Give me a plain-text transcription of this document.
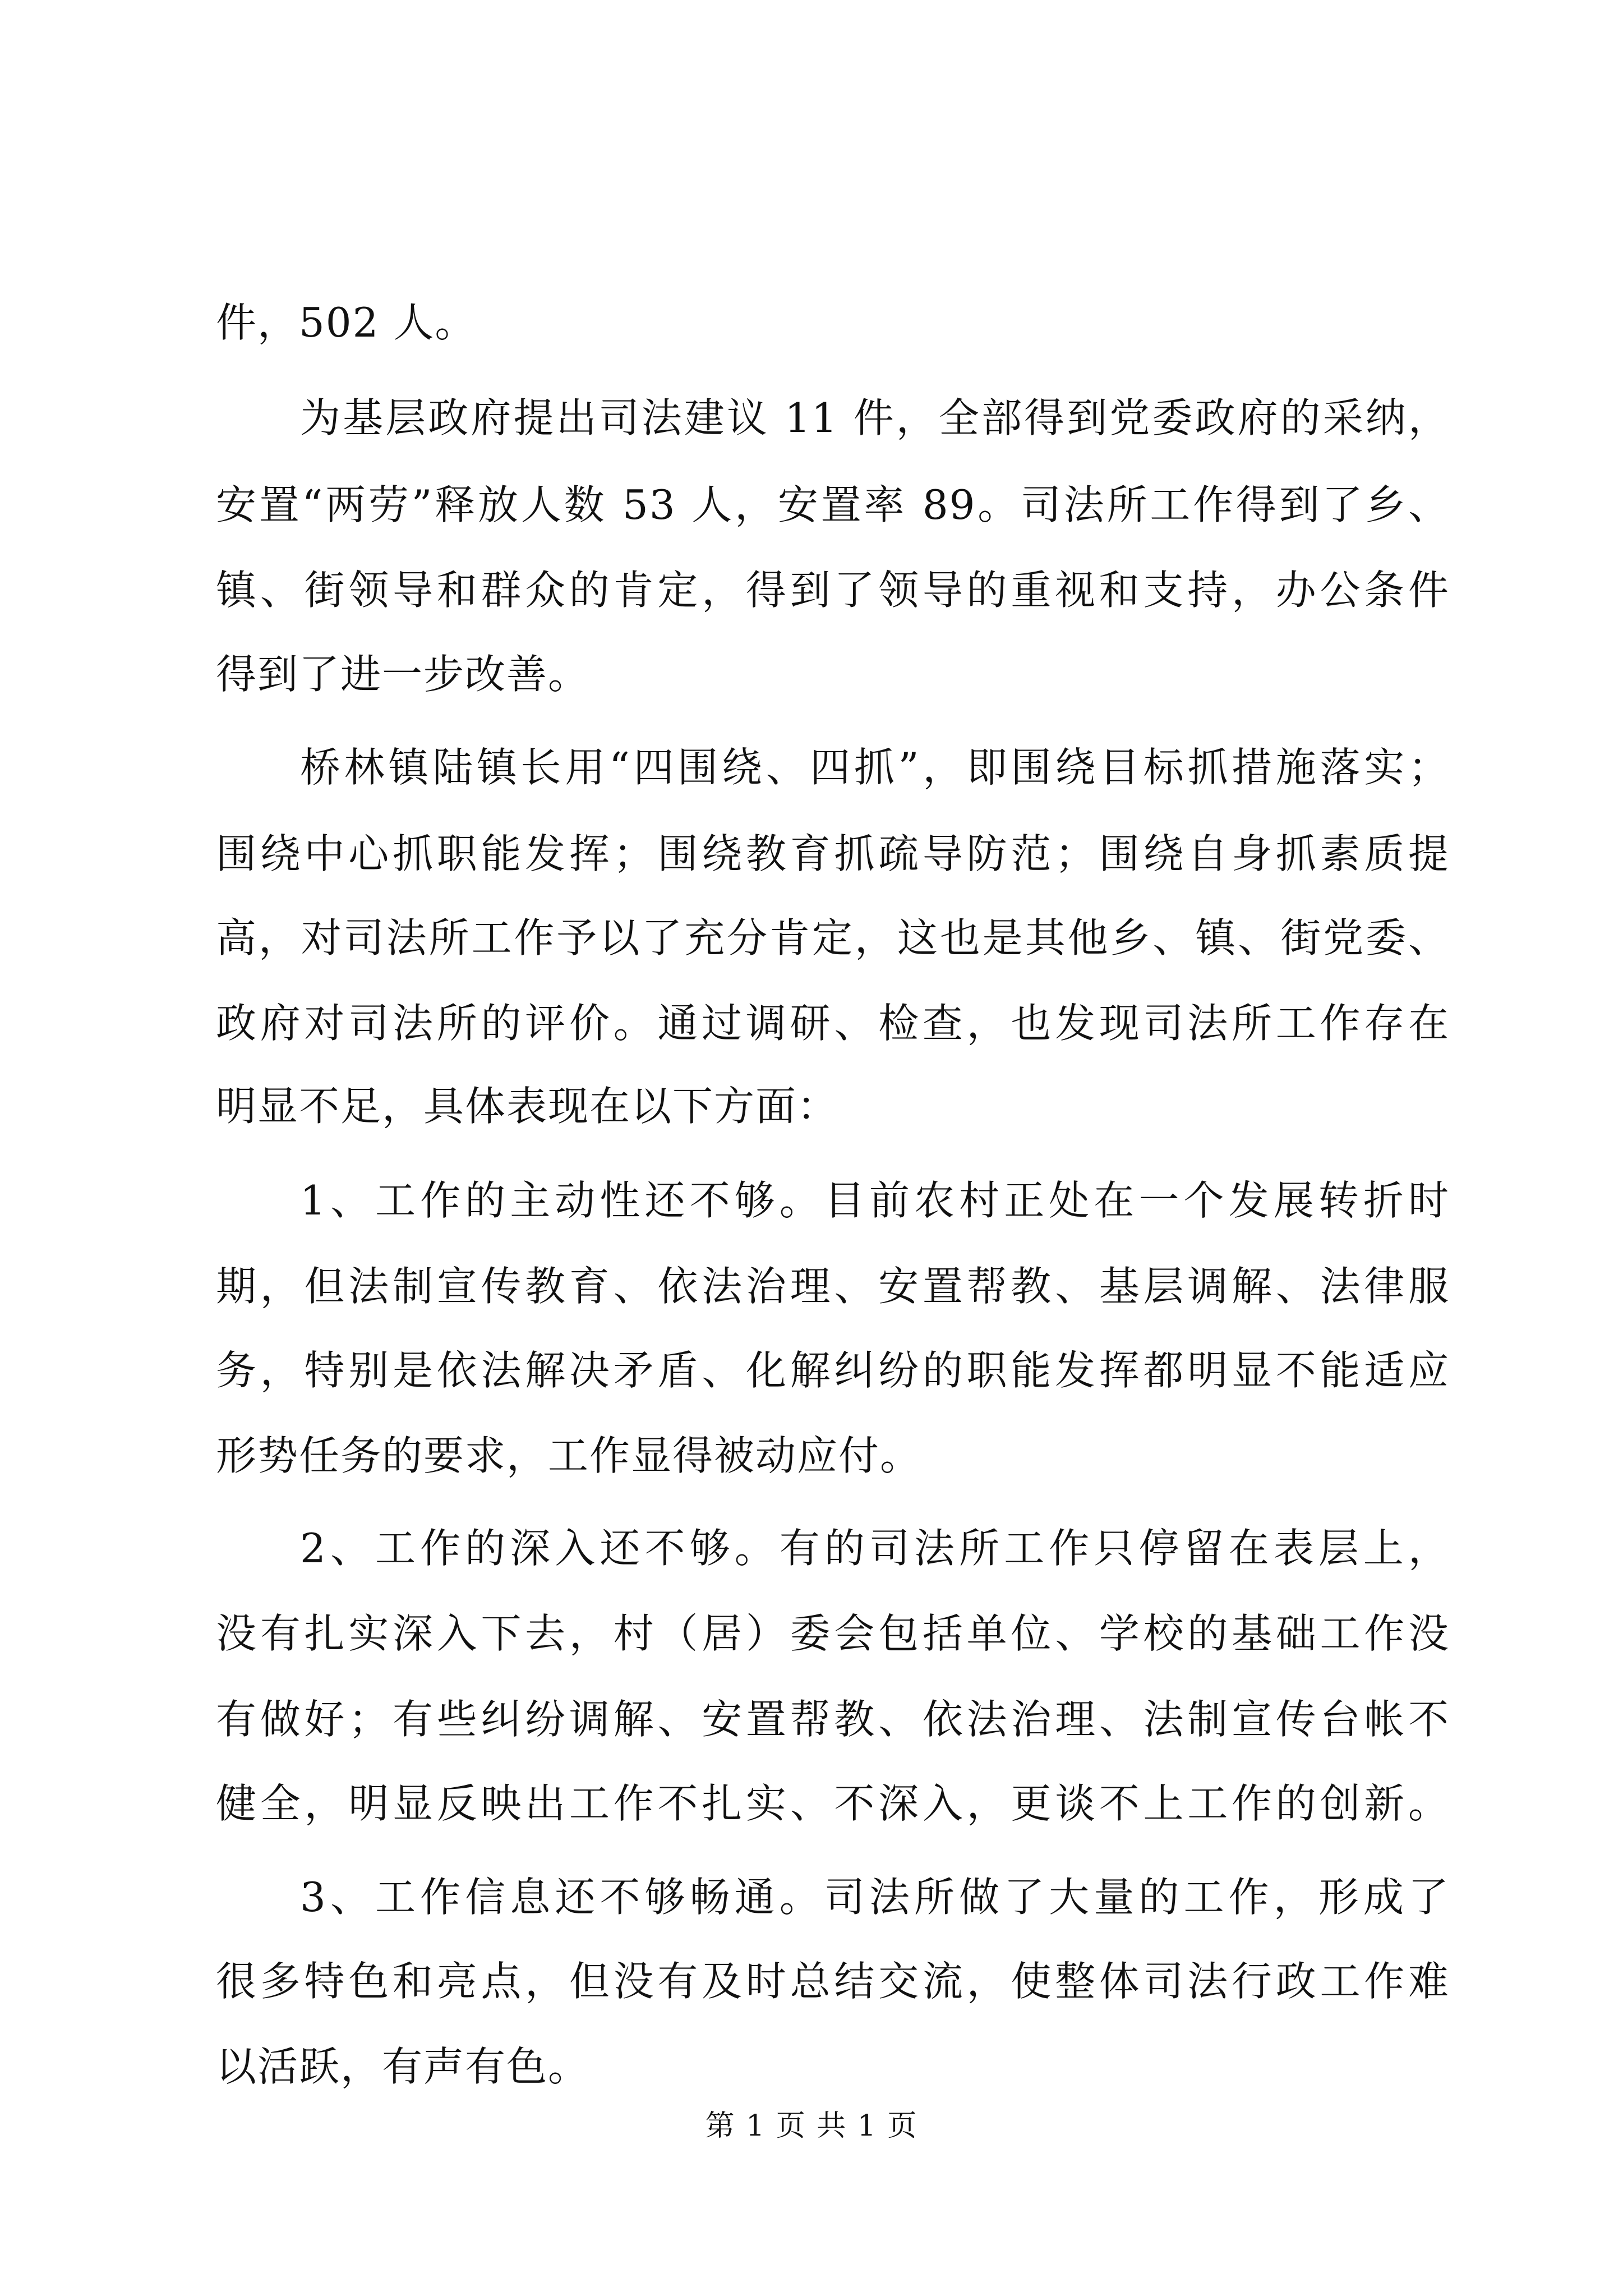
件，502 人。
为基层政府提出司法建议 11 件，全部得到党委政府的采纳，
安置“两劳”释放人数 53 人，安置率 89。司法所工作得到了乡、
镇、街领导和群众的肯定，得到了领导的重视和支持，办公条件
得到了进一步改善。
桥林镇陆镇长用“四围绕、四抓”，即围绕目标抓措施落实；
围绕中心抓职能发挥；围绕教育抓疏导防范；围绕自身抓素质提
高，对司法所工作予以了充分肯定，这也是其他乡、镇、街党委、
政府对司法所的评价。通过调研、检查，也发现司法所工作存在
明显不足，具体表现在以下方面：
1、工作的主动性还不够。目前农村正处在一个发展转折时
期，但法制宣传教育、依法治理、安置帮教、基层调解、法律服
务，特别是依法解决矛盾、化解纠纷的职能发挥都明显不能适应
形势任务的要求，工作显得被动应付。
2、工作的深入还不够。有的司法所工作只停留在表层上，
没有扎实深入下去，村（居）委会包括单位、学校的基础工作没
有做好；有些纠纷调解、安置帮教、依法治理、法制宣传台帐不
健全，明显反映出工作不扎实、不深入，更谈不上工作的创新。
3、工作信息还不够畅通。司法所做了大量的工作，形成了
很多特色和亮点，但没有及时总结交流，使整体司法行政工作难
以活跃，有声有色。
第 1 页 共 1 页
